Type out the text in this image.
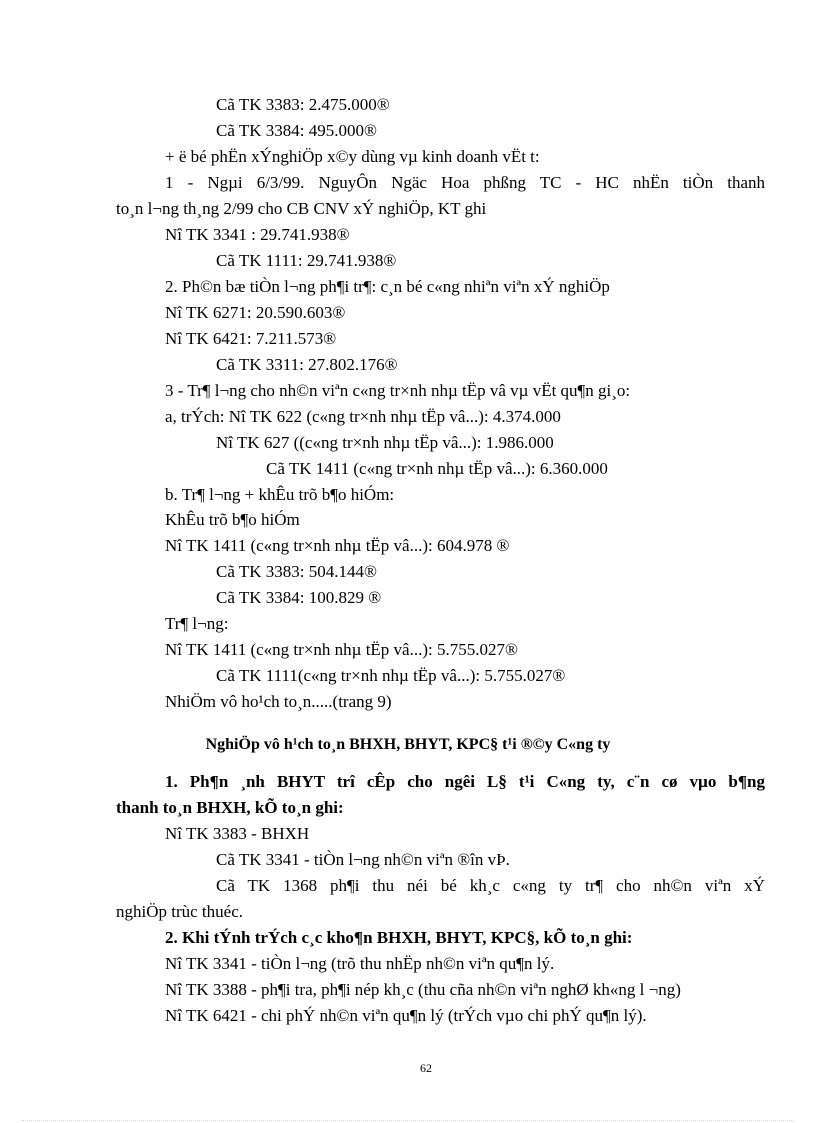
Cã TK 3383: 2.475.000®
Cã TK 3384: 495.000®
+ ë bé phËn xÝnghiÖp x©y dùng vµ kinh doanh vËt t:
1 - Ngµi 6/3/99. NguyÔn Ngäc Hoa phßng TC - HC nhËn tiÒn thanh
to¸n l¬ng th¸ng 2/99 cho CB CNV xÝ nghiÖp, KT ghi
Nî TK 3341 : 29.741.938®
Cã TK 1111: 29.741.938®
2. Ph©n bæ tiÒn l¬ng ph¶i tr¶: c¸n bé c«ng nhiªn viªn xÝ nghiÖp
Nî TK 6271: 20.590.603®
Nî TK 6421: 7.211.573®
Cã TK 3311: 27.802.176®
3 - Tr¶ l¬ng cho nh©n viªn c«ng tr×nh nhµ tËp vâ vµ vËt qu¶n gi¸o:
a, trÝch: Nî TK 622 (c«ng tr×nh nhµ tËp vâ...): 4.374.000
Nî TK 627 ((c«ng tr×nh nhµ tËp vâ...): 1.986.000
Cã TK 1411 (c«ng tr×nh nhµ tËp vâ...): 6.360.000
b. Tr¶ l¬ng + khÊu trõ b¶o hiÓm:
KhÊu trõ b¶o hiÓm
Nî TK 1411 (c«ng tr×nh nhµ tËp vâ...): 604.978 ®
Cã TK 3383: 504.144®
Cã TK 3384: 100.829 ®
Tr¶ l¬ng:
Nî TK 1411 (c«ng tr×nh nhµ tËp vâ...): 5.755.027®
Cã TK 1111(c«ng tr×nh nhµ tËp vâ...): 5.755.027®
NhiÖm vô ho¹ch to¸n.....(trang 9)
NghiÖp vô h¹ch to¸n BHXH, BHYT, KPC§ t¹i ®©y C«ng ty
1. Ph¶n ¸nh BHYT trî cÊp cho ngêi L§ t¹i C«ng ty, c¨n cø vµo b¶ng
thanh to¸n BHXH, kÕ to¸n ghi:
Nî TK 3383 - BHXH
Cã TK 3341 - tiÒn l¬ng nh©n viªn ®în vÞ.
Cã TK 1368 ph¶i thu néi bé kh¸c c«ng ty tr¶ cho nh©n viªn xÝ
nghiÖp trùc thuéc.
2. Khi tÝnh trÝch c¸c kho¶n BHXH, BHYT, KPC§, kÕ to¸n ghi:
Nî TK 3341 - tiÒn l¬ng (trõ thu nhËp nh©n viªn qu¶n lý.
Nî TK 3388 - ph¶i tra, ph¶i nép kh¸c (thu cña nh©n viªn nghØ kh«ng l ¬ng)
Nî TK 6421 - chi phÝ nh©n viªn qu¶n lý (trÝch vµo chi phÝ qu¶n lý).
62
